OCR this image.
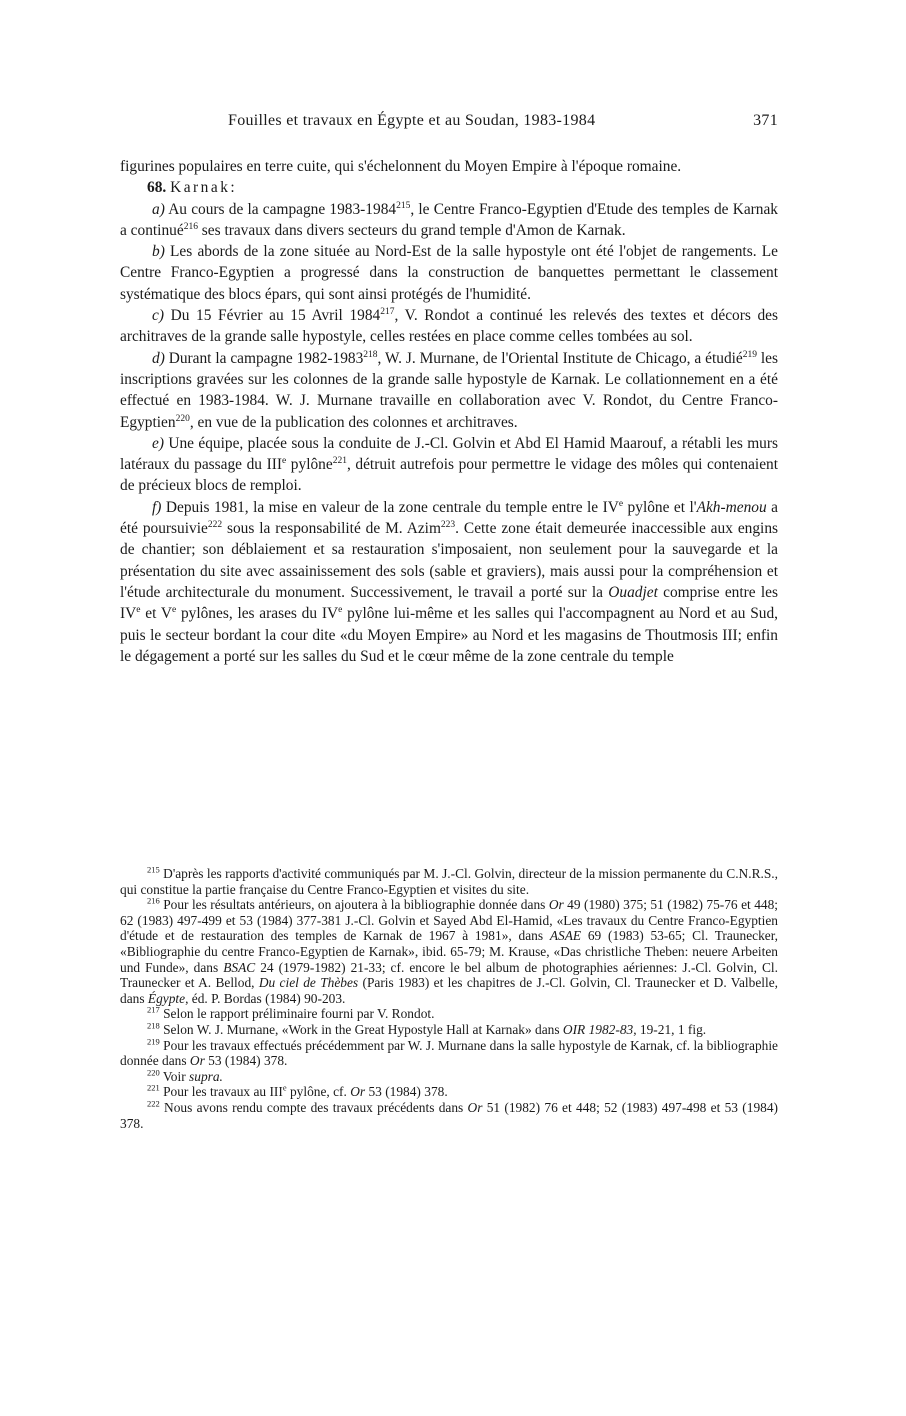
Fouilles et travaux en Égypte et au Soudan, 1983-1984	371

figurines populaires en terre cuite, qui s'échelonnent du Moyen Empire à l'époque romaine.

68. Karnak:

a) Au cours de la campagne 1983-1984$^{215}$, le Centre Franco-Egyptien d'Etude des temples de Karnak a continué$^{216}$ ses travaux dans divers secteurs du grand temple d'Amon de Karnak.

b) Les abords de la zone située au Nord-Est de la salle hypostyle ont été l'objet de rangements. Le Centre Franco-Egyptien a progressé dans la construction de banquettes permettant le classement systématique des blocs épars, qui sont ainsi protégés de l'humidité.

c) Du 15 Février au 15 Avril 1984$^{217}$, V. Rondot a continué les relevés des textes et décors des architraves de la grande salle hypostyle, celles restées en place comme celles tombées au sol.

d) Durant la campagne 1982-1983$^{218}$, W. J. Murnane, de l'Oriental Institute de Chicago, a étudié$^{219}$ les inscriptions gravées sur les colonnes de la grande salle hypostyle de Karnak. Le collationnement en a été effectué en 1983-1984. W. J. Murnane travaille en collaboration avec V. Rondot, du Centre Franco-Egyptien$^{220}$, en vue de la publication des colonnes et architraves.

e) Une équipe, placée sous la conduite de J.-Cl. Golvin et Abd El Hamid Maarouf, a rétabli les murs latéraux du passage du IIIe pylône$^{221}$, détruit autrefois pour permettre le vidage des môles qui contenaient de précieux blocs de remploi.

f) Depuis 1981, la mise en valeur de la zone centrale du temple entre le IVe pylône et l'Akh-menou a été poursuivie$^{222}$ sous la responsabilité de M. Azim$^{223}$. Cette zone était demeurée inaccessible aux engins de chantier; son déblaiement et sa restauration s'imposaient, non seulement pour la sauvegarde et la présentation du site avec assainissement des sols (sable et graviers), mais aussi pour la compréhension et l'étude architecturale du monument. Successivement, le travail a porté sur la Ouadjet comprise entre les IVe et Ve pylônes, les arases du IVe pylône lui-même et les salles qui l'accompagnent au Nord et au Sud, puis le secteur bordant la cour dite «du Moyen Empire» au Nord et les magasins de Thoutmosis III; enfin le dégagement a porté sur les salles du Sud et le cœur même de la zone centrale du temple

$^{215}$ D'après les rapports d'activité communiqués par M. J.-Cl. Golvin, directeur de la mission permanente du C.N.R.S., qui constitue la partie française du Centre Franco-Egyptien et visites du site.

$^{216}$ Pour les résultats antérieurs, on ajoutera à la bibliographie donnée dans Or 49 (1980) 375; 51 (1982) 75-76 et 448; 62 (1983) 497-499 et 53 (1984) 377-381 J.-Cl. Golvin et Sayed Abd El-Hamid, «Les travaux du Centre Franco-Egyptien d'étude et de restauration des temples de Karnak de 1967 à 1981», dans ASAE 69 (1983) 53-65; Cl. Traunecker, «Bibliographie du centre Franco-Egyptien de Karnak», ibid. 65-79; M. Krause, «Das christliche Theben: neuere Arbeiten und Funde», dans BSAC 24 (1979-1982) 21-33; cf. encore le bel album de photographies aériennes: J.-Cl. Golvin, Cl. Traunecker et A. Bellod, Du ciel de Thèbes (Paris 1983) et les chapitres de J.-Cl. Golvin, Cl. Traunecker et D. Valbelle, dans Égypte, éd. P. Bordas (1984) 90-203.

$^{217}$ Selon le rapport préliminaire fourni par V. Rondot.

$^{218}$ Selon W. J. Murnane, «Work in the Great Hypostyle Hall at Karnak» dans OIR 1982-83, 19-21, 1 fig.

$^{219}$ Pour les travaux effectués précédemment par W. J. Murnane dans la salle hypostyle de Karnak, cf. la bibliographie donnée dans Or 53 (1984) 378.

$^{220}$ Voir supra.

$^{221}$ Pour les travaux au IIIe pylône, cf. Or 53 (1984) 378.

$^{222}$ Nous avons rendu compte des travaux précédents dans Or 51 (1982) 76 et 448; 52 (1983) 497-498 et 53 (1984) 378.
